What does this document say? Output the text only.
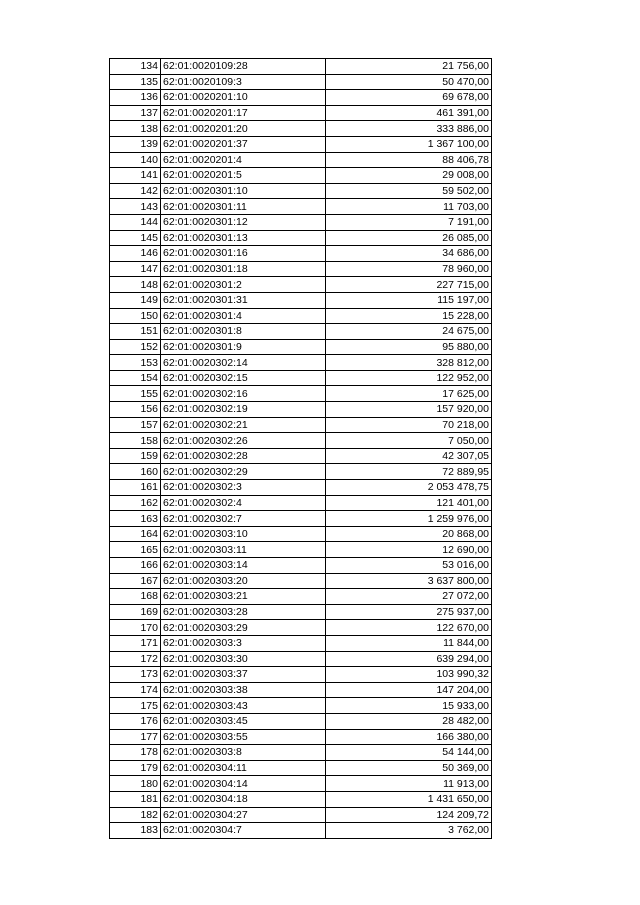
134	62:01:0020109:28	21 756,00
135	62:01:0020109:3	50 470,00
136	62:01:0020201:10	69 678,00
137	62:01:0020201:17	461 391,00
138	62:01:0020201:20	333 886,00
139	62:01:0020201:37	1 367 100,00
140	62:01:0020201:4	88 406,78
141	62:01:0020201:5	29 008,00
142	62:01:0020301:10	59 502,00
143	62:01:0020301:11	11 703,00
144	62:01:0020301:12	7 191,00
145	62:01:0020301:13	26 085,00
146	62:01:0020301:16	34 686,00
147	62:01:0020301:18	78 960,00
148	62:01:0020301:2	227 715,00
149	62:01:0020301:31	115 197,00
150	62:01:0020301:4	15 228,00
151	62:01:0020301:8	24 675,00
152	62:01:0020301:9	95 880,00
153	62:01:0020302:14	328 812,00
154	62:01:0020302:15	122 952,00
155	62:01:0020302:16	17 625,00
156	62:01:0020302:19	157 920,00
157	62:01:0020302:21	70 218,00
158	62:01:0020302:26	7 050,00
159	62:01:0020302:28	42 307,05
160	62:01:0020302:29	72 889,95
161	62:01:0020302:3	2 053 478,75
162	62:01:0020302:4	121 401,00
163	62:01:0020302:7	1 259 976,00
164	62:01:0020303:10	20 868,00
165	62:01:0020303:11	12 690,00
166	62:01:0020303:14	53 016,00
167	62:01:0020303:20	3 637 800,00
168	62:01:0020303:21	27 072,00
169	62:01:0020303:28	275 937,00
170	62:01:0020303:29	122 670,00
171	62:01:0020303:3	11 844,00
172	62:01:0020303:30	639 294,00
173	62:01:0020303:37	103 990,32
174	62:01:0020303:38	147 204,00
175	62:01:0020303:43	15 933,00
176	62:01:0020303:45	28 482,00
177	62:01:0020303:55	166 380,00
178	62:01:0020303:8	54 144,00
179	62:01:0020304:11	50 369,00
180	62:01:0020304:14	11 913,00
181	62:01:0020304:18	1 431 650,00
182	62:01:0020304:27	124 209,72
183	62:01:0020304:7	3 762,00
